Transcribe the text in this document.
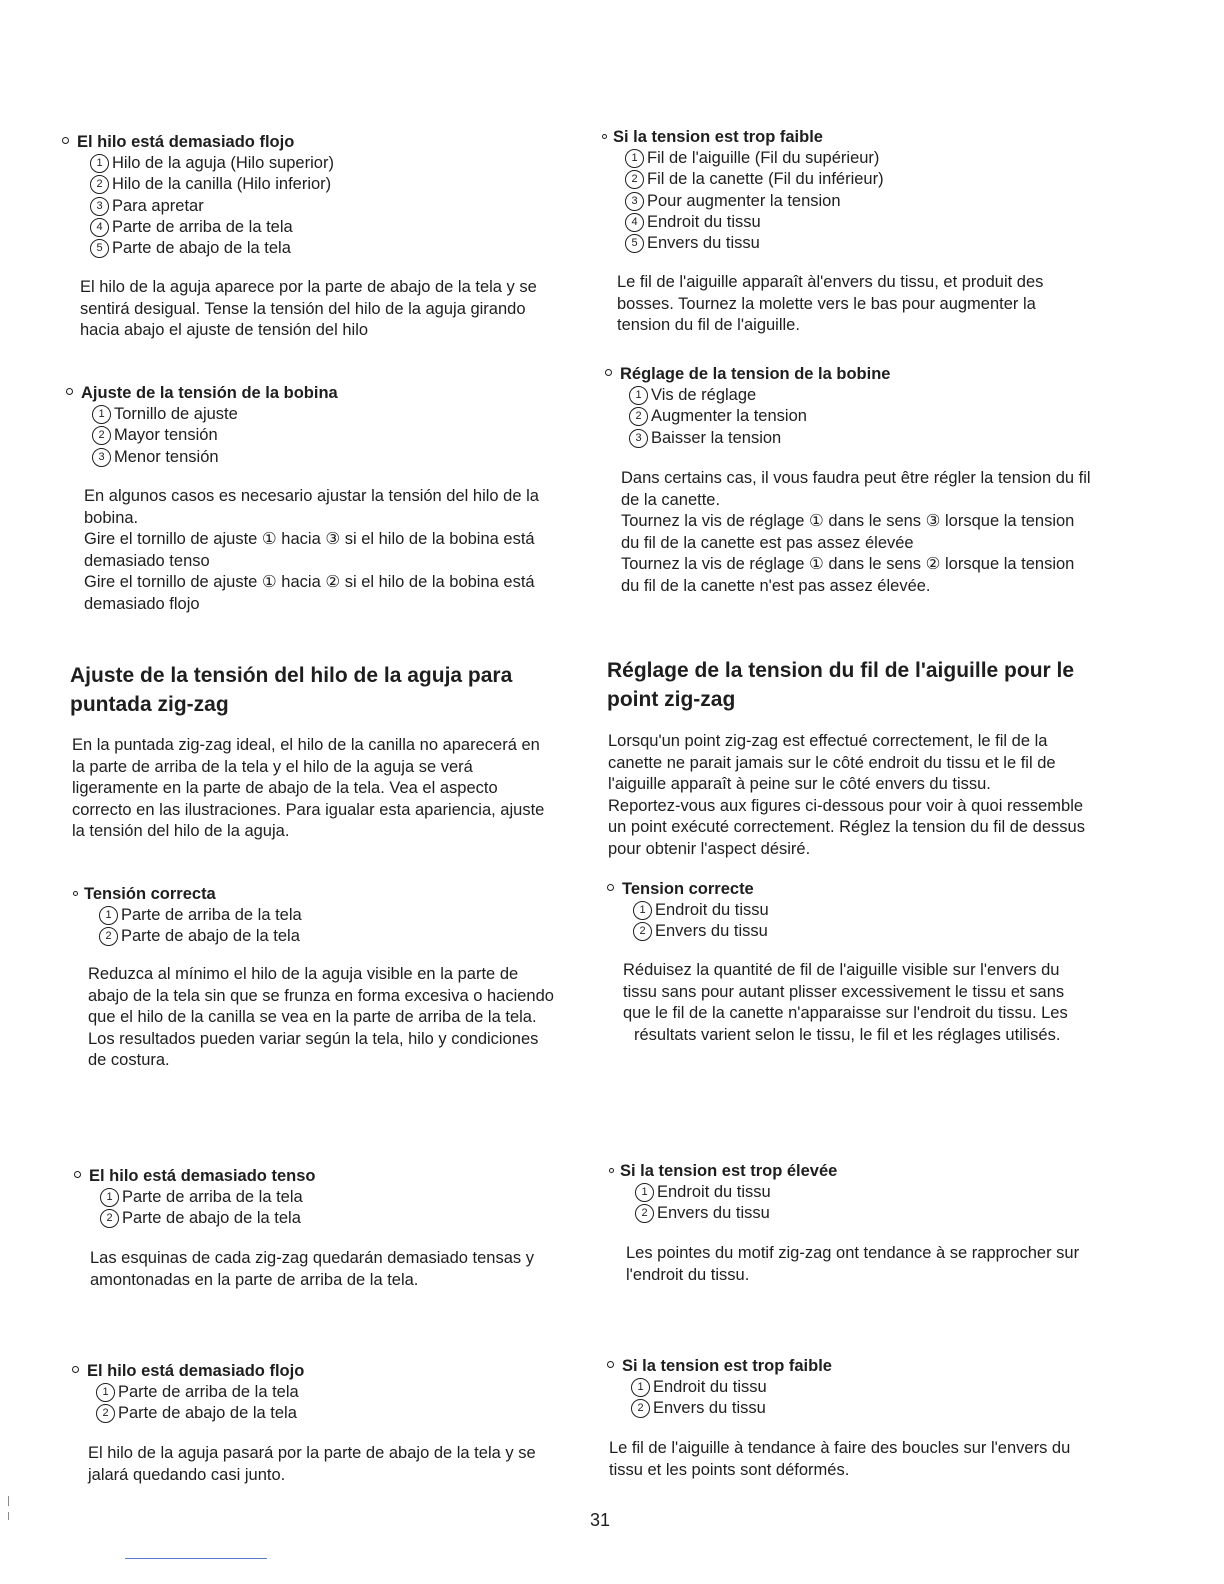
El hilo está demasiado flojo
1 Hilo de la aguja (Hilo superior)
2 Hilo de la canilla (Hilo inferior)
3 Para apretar
4 Parte de arriba de la tela
5 Parte de abajo de la tela

El hilo de la aguja aparece por la parte de abajo de la tela y se

sentirá desigual. Tense la tensión del hilo de la aguja girando

hacia abajo el ajuste de tensión del hilo

Ajuste de la tensión de la bobina
1 Tornillo de ajuste
2 Mayor tensión
3 Menor tensión

En algunos casos es necesario ajustar la tensión del hilo de la

bobina.

Gire el tornillo de ajuste ① hacia ③ si el hilo de la bobina está

demasiado tenso

Gire el tornillo de ajuste ① hacia ② si el hilo de la bobina está

demasiado flojo

Ajuste de la tensión del hilo de la aguja para

puntada zig-zag

En la puntada zig-zag ideal, el hilo de la canilla no aparecerá en

la parte de arriba de la tela y el hilo de la aguja se verá

ligeramente en la parte de abajo de la tela. Vea el aspecto

correcto en las ilustraciones. Para igualar esta apariencia, ajuste

la tensión del hilo de la aguja.

Tensión correcta
1 Parte de arriba de la tela
2 Parte de abajo de la tela

Reduzca al mínimo el hilo de la aguja visible en la parte de

abajo de la tela sin que se frunza en forma excesiva o haciendo

que el hilo de la canilla se vea en la parte de arriba de la tela.

Los resultados pueden variar según la tela, hilo y condiciones

de costura.

El hilo está demasiado tenso
1 Parte de arriba de la tela
2 Parte de abajo de la tela

Las esquinas de cada zig-zag quedarán demasiado tensas y

amontonadas en la parte de arriba de la tela.

El hilo está demasiado flojo
1 Parte de arriba de la tela
2 Parte de abajo de la tela

El hilo de la aguja pasará por la parte de abajo de la tela y se

jalará quedando casi junto.

Si la tension est trop faible
1 Fil de l'aiguille (Fil du supérieur)
2 Fil de la canette (Fil du inférieur)
3 Pour augmenter la tension
4 Endroit du tissu
5 Envers du tissu

Le fil de l'aiguille apparaît àl'envers du tissu, et produit des

bosses. Tournez la molette vers le bas pour augmenter la

tension du fil de l'aiguille.

Réglage de la tension de la bobine
1 Vis de réglage
2 Augmenter la tension
3 Baisser la tension

Dans certains cas, il vous faudra peut être régler la tension du fil

de la canette.

Tournez la vis de réglage ① dans le sens ③ lorsque la tension

du fil de la canette est pas assez élevée

Tournez la vis de réglage ① dans le sens ② lorsque la tension

du fil de la canette n'est pas assez élevée.

Réglage de la tension du fil de l'aiguille pour le

point zig-zag

Lorsqu'un point zig-zag est effectué correctement, le fil de la

canette ne parait jamais sur le côté endroit du tissu et le fil de

l'aiguille apparaît à peine sur le côté envers du tissu.

Reportez-vous aux figures ci-dessous pour voir à quoi ressemble

un point exécuté correctement. Réglez la tension du fil de dessus

pour obtenir l'aspect désiré.

Tension correcte
1 Endroit du tissu
2 Envers du tissu

Réduisez la quantité de fil de l'aiguille visible sur l'envers du

tissu sans pour autant plisser excessivement le tissu et sans

que le fil de la canette n'apparaisse sur l'endroit du tissu. Les

résultats varient selon le tissu, le fil et les réglages utilisés.

Si la tension est trop élevée
1 Endroit du tissu
2 Envers du tissu

Les pointes du motif zig-zag ont tendance à se rapprocher sur

l'endroit du tissu.

Si la tension est trop faible
1 Endroit du tissu
2 Envers du tissu

Le fil de l'aiguille à tendance à faire des boucles sur l'envers du

tissu et les points sont déformés.

31
